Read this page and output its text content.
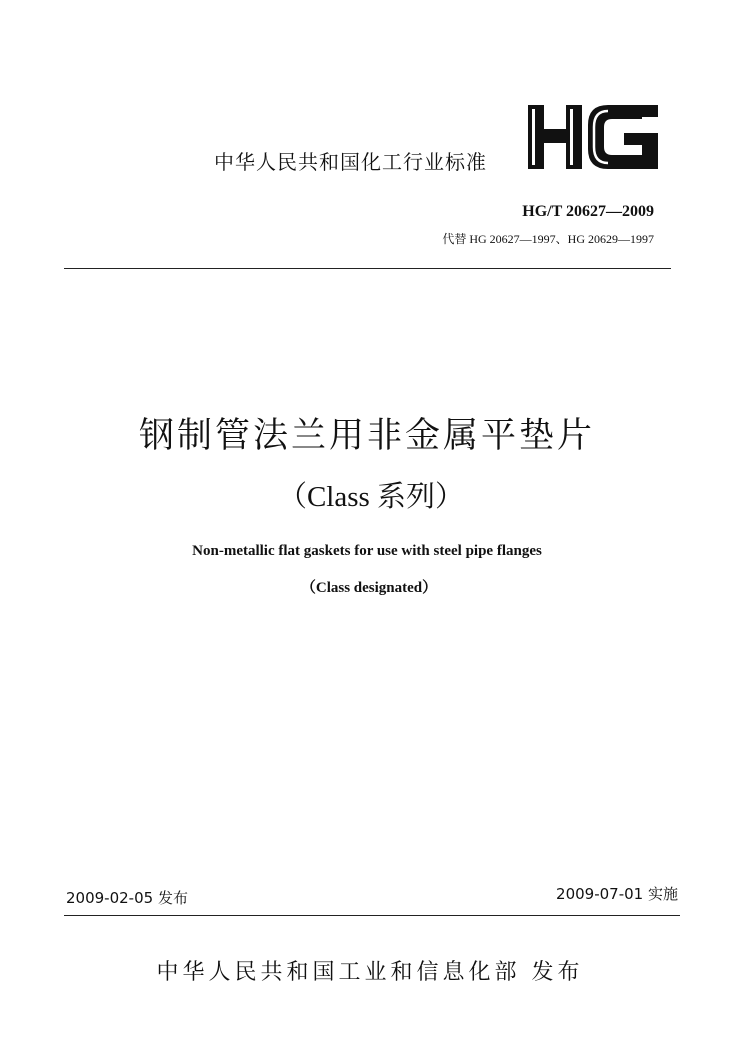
中华人民共和国化工行业标准
HG/T 20627—2009
代替 HG 20627—1997、HG 20629—1997
钢制管法兰用非金属平垫片
（Class 系列）
Non-metallic flat gaskets for use with steel pipe flanges
（Class designated）
2009-02-05 发布	2009-07-01 实施
中华人民共和国工业和信息化部 发布
